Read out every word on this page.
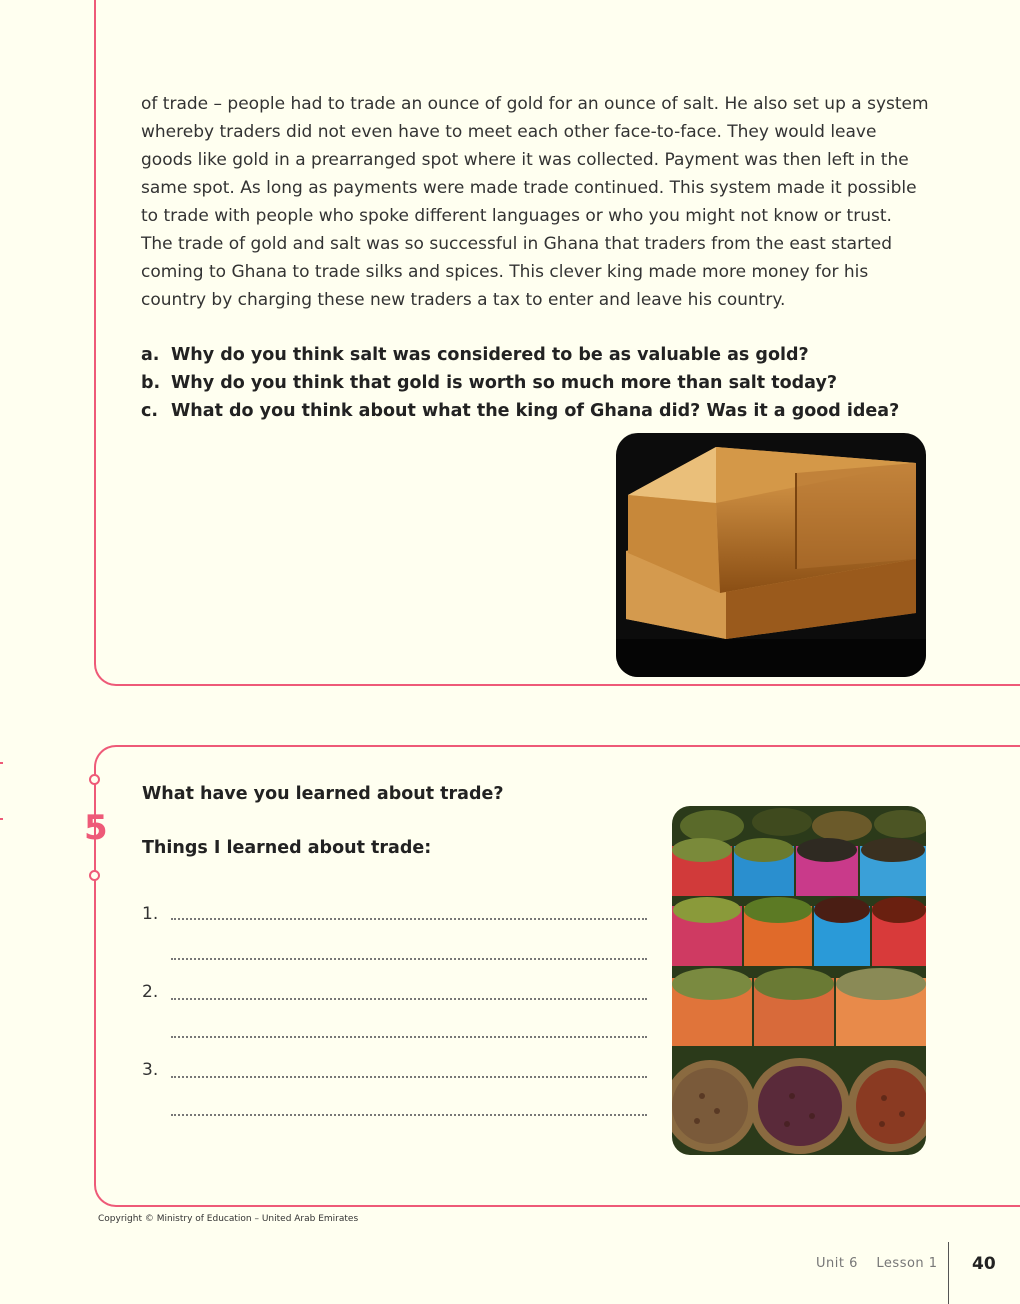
of trade – people had to trade an ounce of gold for an ounce of salt. He also set up a system

whereby traders did not even have to meet each other face-to-face. They would leave

goods like gold in a prearranged spot where it was collected. Payment was then left in the

same spot. As long as payments were made trade continued. This system made it possible

to trade with people who spoke different languages or who you might not know or trust.

The trade of gold and salt was so successful in Ghana that traders from the east started

coming to Ghana to trade silks and spices. This clever king made more money for his

country by charging these new traders a tax to enter and leave his country.

a. Why do you think salt was considered to be as valuable as gold?
b. Why do you think that gold is worth so much more than salt today?
c. What do you think about what the king of Ghana did? Was it a good idea?
5
What have you learned about trade?
Things I learned about trade:
1.
2.
3.
Copyright © Ministry of Education – United Arab Emirates
Unit 6 Lesson 1 40
